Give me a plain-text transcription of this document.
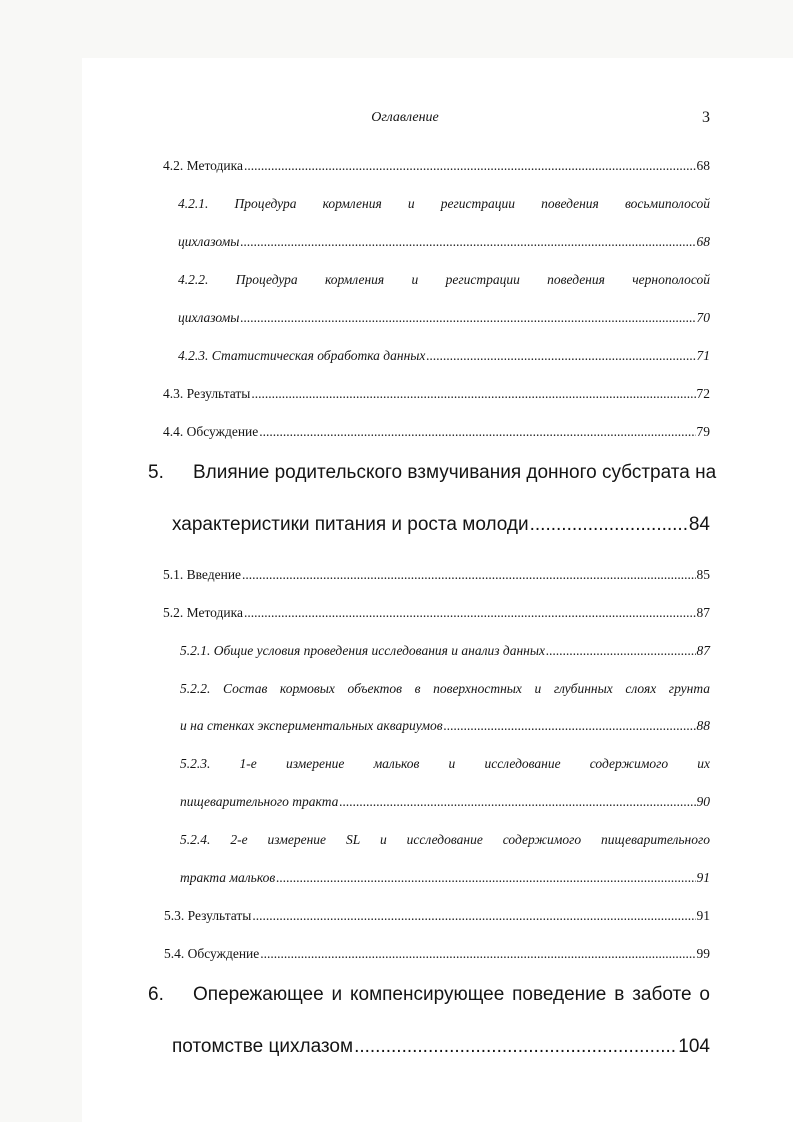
Оглавление	3
4.2. Методика .....	68
4.2.1. Процедура кормления и регистрации поведения восьмиполосой
цихлазомы .....	68
4.2.2. Процедура кормления и регистрации поведения чернополосой
цихлазомы .....	70
4.2.3. Статистическая обработка данных .....	71
4.3. Результаты .....	72
4.4. Обсуждение .....	79
5.	Влияние родительского взмучивания донного субстрата на
характеристики питания и роста молоди .....	84
5.1. Введение .....	85
5.2. Методика .....	87
5.2.1. Общие условия проведения исследования и анализ данных .....	87
5.2.2. Состав кормовых объектов в поверхностных и глубинных слоях грунта
и на стенках экспериментальных аквариумов .....	88
5.2.3. 1-е измерение мальков и исследование содержимого их
пищеварительного тракта .....	90
5.2.4. 2-е измерение SL и исследование содержимого пищеварительного
тракта мальков .....	91
5.3. Результаты .....	91
5.4. Обсуждение .....	99
6.	Опережающее и компенсирующее поведение в заботе о
потомстве цихлазом .....	104
